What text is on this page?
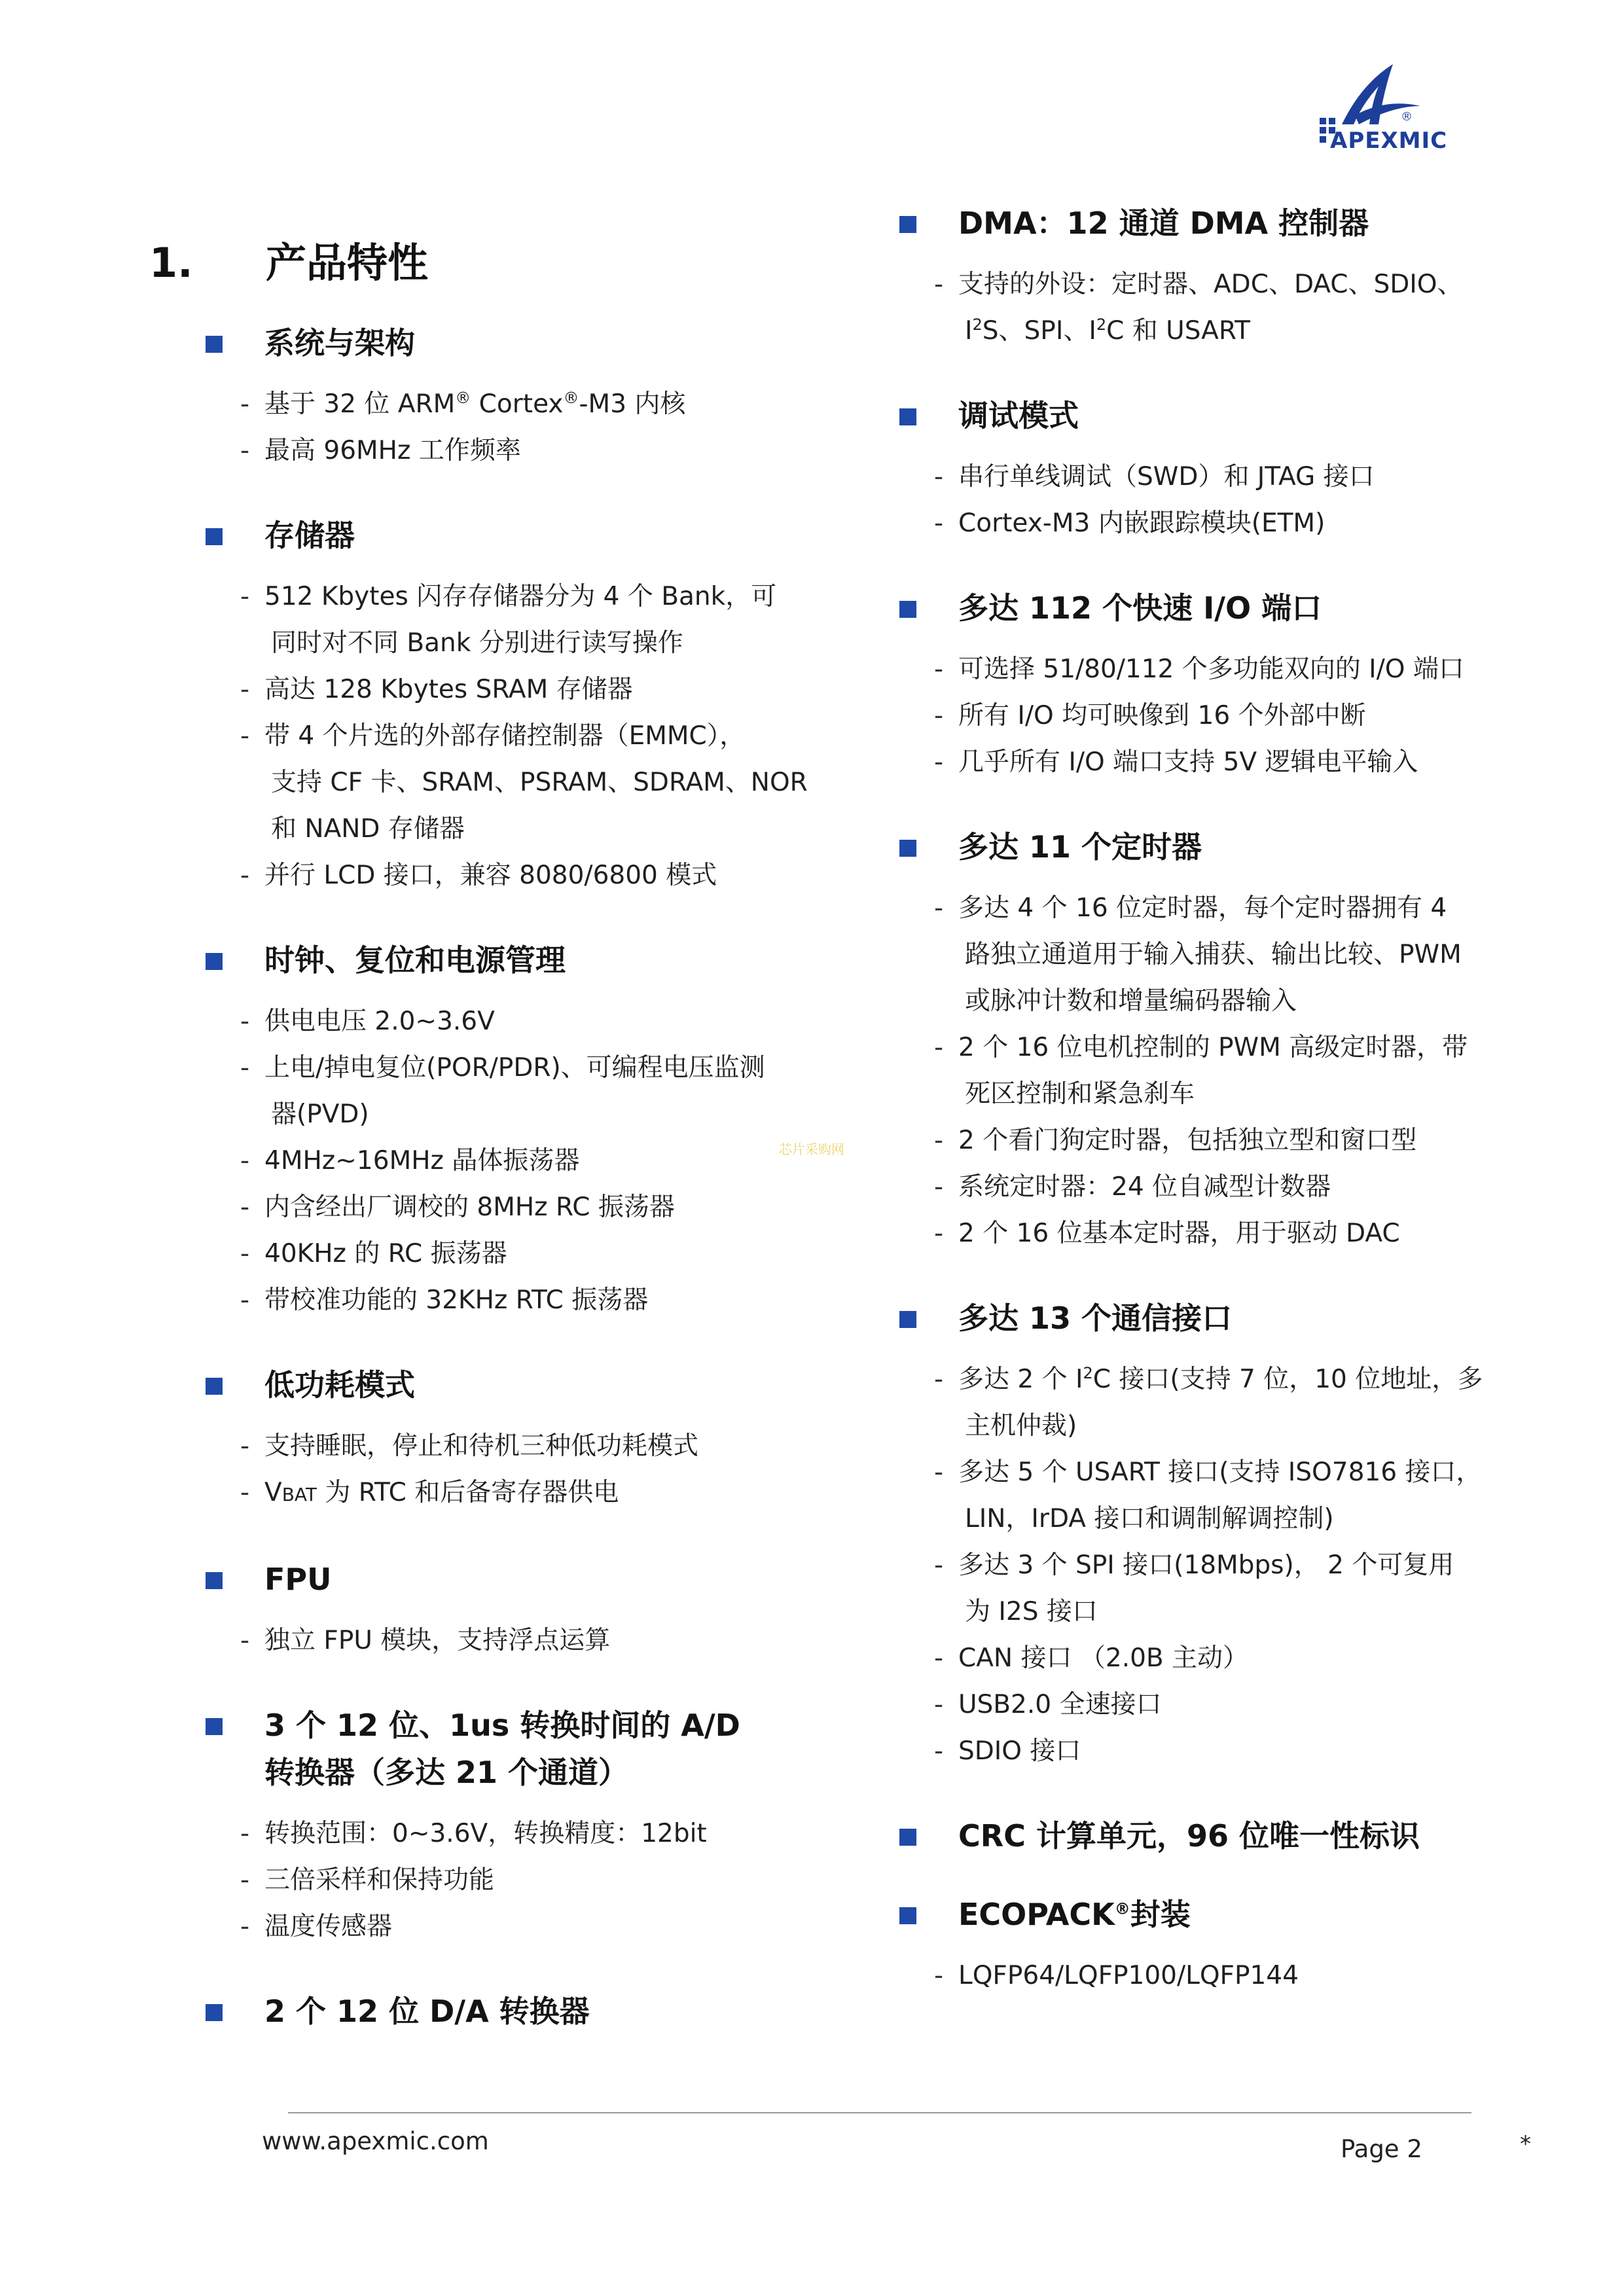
®
APEXMIC
1. 产品特性
系统与架构
- 基于 32 位 ARM® Cortex®-M3 内核
- 最高 96MHz 工作频率
存储器
- 512 Kbytes 闪存存储器分为 4 个 Bank，可
同时对不同 Bank 分别进行读写操作
- 高达 128 Kbytes SRAM 存储器
- 带 4 个片选的外部存储控制器（EMMC），
支持 CF 卡、SRAM、PSRAM、SDRAM、NOR
和 NAND 存储器
- 并行 LCD 接口，兼容 8080/6800 模式
时钟、复位和电源管理
- 供电电压 2.0~3.6V
- 上电/掉电复位(POR/PDR)、可编程电压监测
器(PVD)
- 4MHz~16MHz 晶体振荡器
- 内含经出厂调校的 8MHz RC 振荡器
- 40KHz 的 RC 振荡器
- 带校准功能的 32KHz RTC 振荡器
低功耗模式
- 支持睡眠，停止和待机三种低功耗模式
- VBAT 为 RTC 和后备寄存器供电
FPU
- 独立 FPU 模块，支持浮点运算
3 个 12 位、1us 转换时间的 A/D
转换器（多达 21 个通道）
- 转换范围：0~3.6V，转换精度：12bit
- 三倍采样和保持功能
- 温度传感器
2 个 12 位 D/A 转换器
DMA：12 通道 DMA 控制器
- 支持的外设：定时器、ADC、DAC、SDIO、
$I^2S$、SPI、$I^2C$ 和 USART
调试模式
- 串行单线调试（SWD）和 JTAG 接口
- Cortex-M3 内嵌跟踪模块(ETM)
多达 112 个快速 I/O 端口
- 可选择 51/80/112 个多功能双向的 I/O 端口
- 所有 I/O 均可映像到 16 个外部中断
- 几乎所有 I/O 端口支持 5V 逻辑电平输入
多达 11 个定时器
- 多达 4 个 16 位定时器，每个定时器拥有 4
路独立通道用于输入捕获、输出比较、PWM
或脉冲计数和增量编码器输入
- 2 个 16 位电机控制的 PWM 高级定时器，带
死区控制和紧急刹车
- 2 个看门狗定时器，包括独立型和窗口型
- 系统定时器：24 位自减型计数器
- 2 个 16 位基本定时器，用于驱动 DAC
多达 13 个通信接口
- 多达 2 个 $I^2C$ 接口(支持 7 位，10 位地址，多
主机仲裁)
- 多达 5 个 USART 接口(支持 ISO7816 接口，
LIN，IrDA 接口和调制解调控制)
- 多达 3 个 SPI 接口(18Mbps)， 2 个可复用
为 I2S 接口
- CAN 接口 （2.0B 主动）
- USB2.0 全速接口
- SDIO 接口
CRC 计算单元，96 位唯一性标识
ECOPACK®封装
- LQFP64/LQFP100/LQFP144
芯片采购网
www.apexmic.com	Page 2	*
